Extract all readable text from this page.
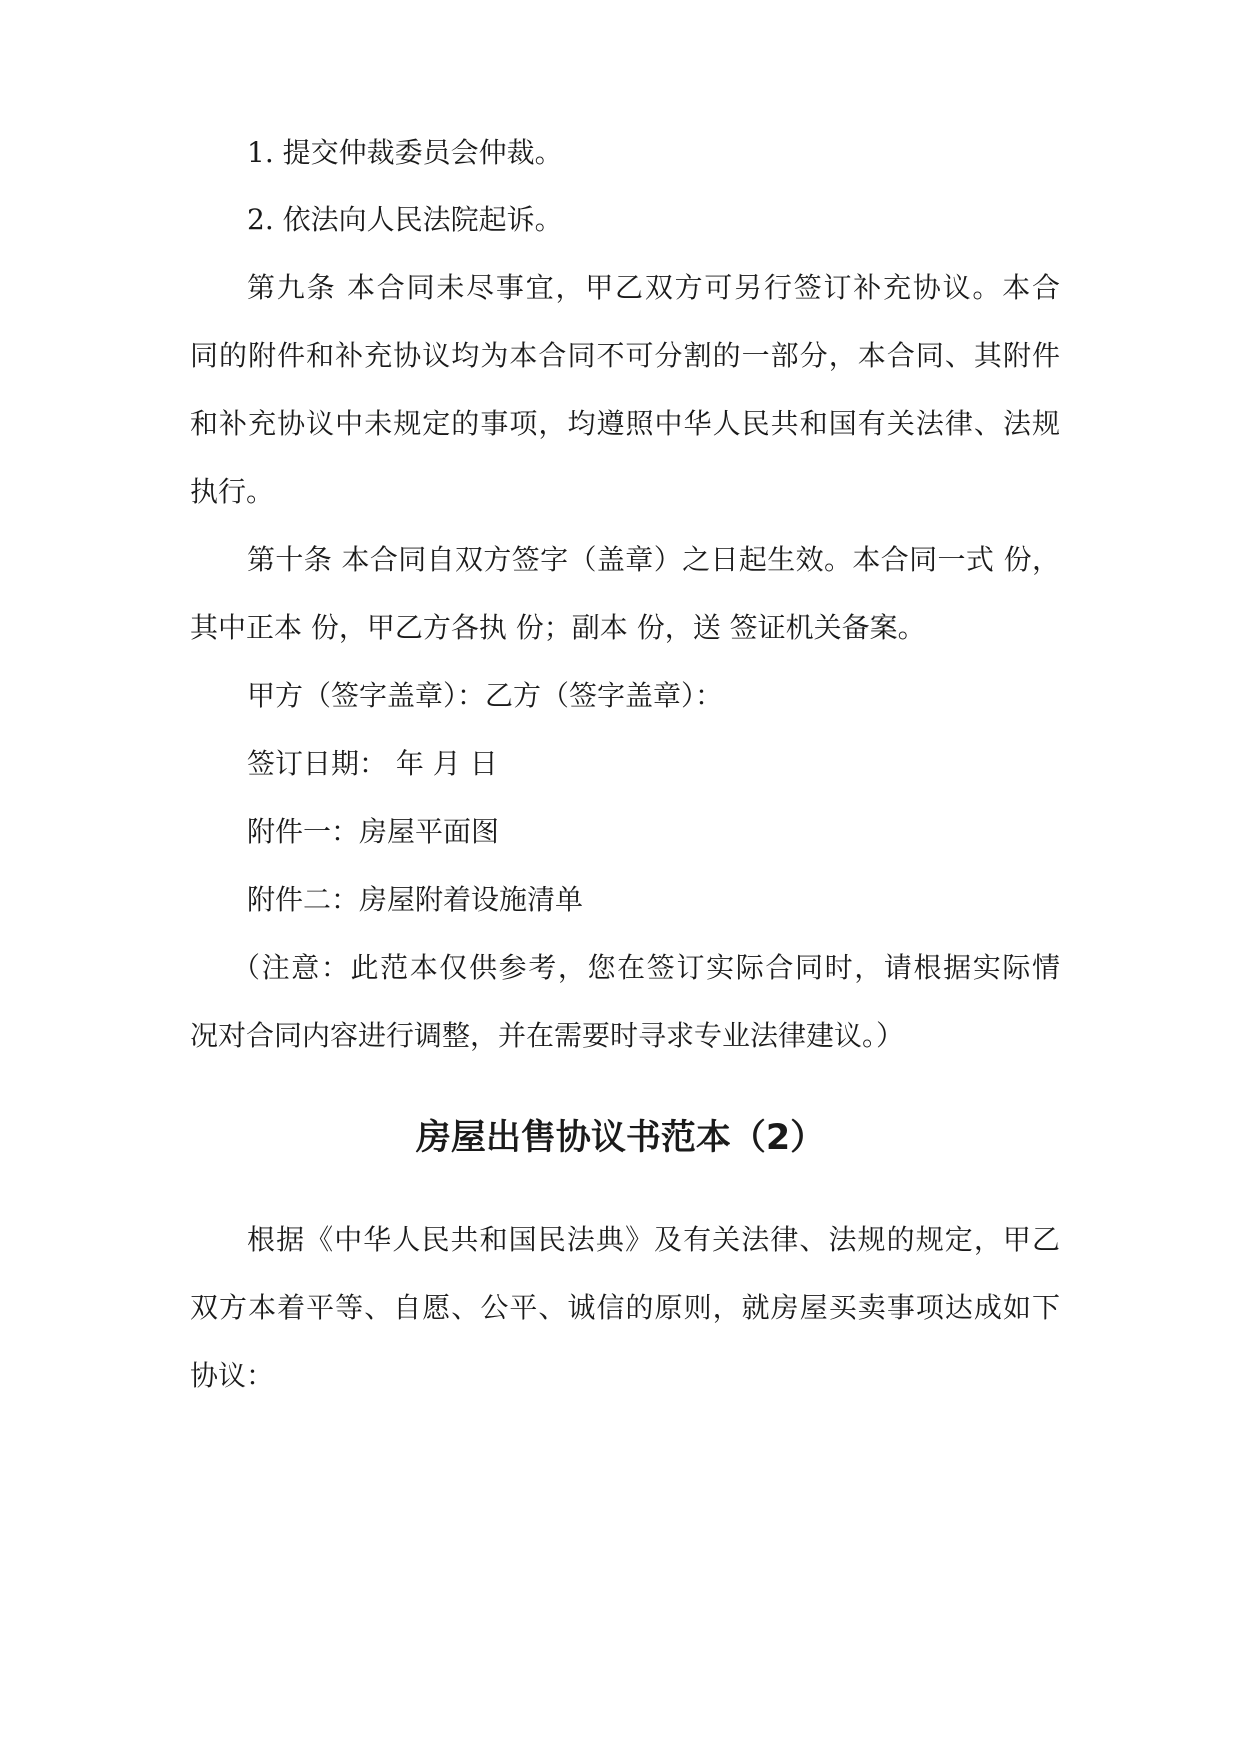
1. 提交仲裁委员会仲裁。

2. 依法向人民法院起诉。

第九条 本合同未尽事宜，甲乙双方可另行签订补充协议。本合

同的附件和补充协议均为本合同不可分割的一部分，本合同、其附件

和补充协议中未规定的事项，均遵照中华人民共和国有关法律、法规

执行。

第十条 本合同自双方签字（盖章）之日起生效。本合同一式 份，

其中正本 份，甲乙方各执 份；副本 份，送 签证机关备案。

甲方（签字盖章）：乙方（签字盖章）：

签订日期： 年 月 日

附件一：房屋平面图

附件二：房屋附着设施清单

（注意：此范本仅供参考，您在签订实际合同时，请根据实际情

况对合同内容进行调整，并在需要时寻求专业法律建议。）

房屋出售协议书范本（2）

根据《中华人民共和国民法典》及有关法律、法规的规定，甲乙

双方本着平等、自愿、公平、诚信的原则，就房屋买卖事项达成如下

协议：
